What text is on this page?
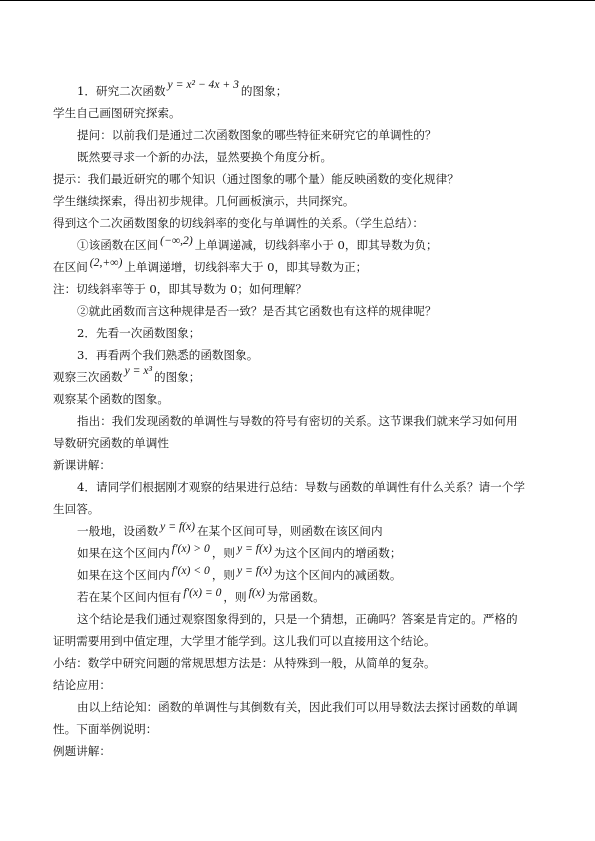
1．研究二次函数 y = x² − 4x + 3 的图象；
学生自己画图研究探索。
提问：以前我们是通过二次函数图象的哪些特征来研究它的单调性的？
既然要寻求一个新的办法，显然要换个角度分析。
提示：我们最近研究的哪个知识（通过图象的哪个量）能反映函数的变化规律？
学生继续探索，得出初步规律。几何画板演示，共同探究。
得到这个二次函数图象的切线斜率的变化与单调性的关系。（学生总结）：
①该函数在区间 (−∞,2) 上单调递减，切线斜率小于 0，即其导数为负；
在区间 (2,+∞) 上单调递增，切线斜率大于 0，即其导数为正；
注：切线斜率等于 0，即其导数为 0；如何理解？
②就此函数而言这种规律是否一致？是否其它函数也有这样的规律呢？
2．先看一次函数图象；
3．再看两个我们熟悉的函数图象。
观察三次函数 y = x³ 的图象；
观察某个函数的图象。
指出：我们发现函数的单调性与导数的符号有密切的关系。这节课我们就来学习如何用
导数研究函数的单调性
新课讲解：
4．请同学们根据刚才观察的结果进行总结：导数与函数的单调性有什么关系？请一个学
生回答。
一般地，设函数 y = f(x) 在某个区间可导，则函数在该区间内
如果在这个区间内 f′(x) > 0 ，则 y = f(x) 为这个区间内的增函数；
如果在这个区间内 f′(x) < 0 ，则 y = f(x) 为这个区间内的减函数。
若在某个区间内恒有 f′(x) = 0 ，则 f(x) 为常函数。
这个结论是我们通过观察图象得到的，只是一个猜想，正确吗？答案是肯定的。严格的
证明需要用到中值定理，大学里才能学到。这儿我们可以直接用这个结论。
小结：数学中研究问题的常规思想方法是：从特殊到一般，从简单的复杂。
结论应用：
由以上结论知：函数的单调性与其倒数有关，因此我们可以用导数法去探讨函数的单调
性。下面举例说明：
例题讲解：
